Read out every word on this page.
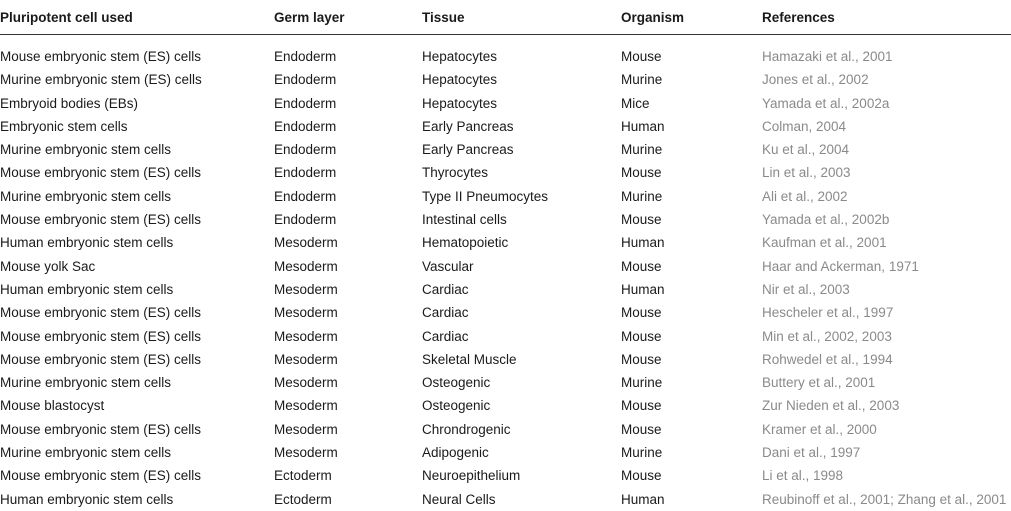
Pluripotent cell used	Germ layer	Tissue	Organism	References

Mouse embryonic stem (ES) cells	Endoderm	Hepatocytes	Mouse	Hamazaki et al., 2001
Murine embryonic stem (ES) cells	Endoderm	Hepatocytes	Murine	Jones et al., 2002
Embryoid bodies (EBs)	Endoderm	Hepatocytes	Mice	Yamada et al., 2002a
Embryonic stem cells	Endoderm	Early Pancreas	Human	Colman, 2004
Murine embryonic stem cells	Endoderm	Early Pancreas	Murine	Ku et al., 2004
Mouse embryonic stem (ES) cells	Endoderm	Thyrocytes	Mouse	Lin et al., 2003
Murine embryonic stem cells	Endoderm	Type II Pneumocytes	Murine	Ali et al., 2002
Mouse embryonic stem (ES) cells	Endoderm	Intestinal cells	Mouse	Yamada et al., 2002b
Human embryonic stem cells	Mesoderm	Hematopoietic	Human	Kaufman et al., 2001
Mouse yolk Sac	Mesoderm	Vascular	Mouse	Haar and Ackerman, 1971
Human embryonic stem cells	Mesoderm	Cardiac	Human	Nir et al., 2003
Mouse embryonic stem (ES) cells	Mesoderm	Cardiac	Mouse	Hescheler et al., 1997
Mouse embryonic stem (ES) cells	Mesoderm	Cardiac	Mouse	Min et al., 2002, 2003
Mouse embryonic stem (ES) cells	Mesoderm	Skeletal Muscle	Mouse	Rohwedel et al., 1994
Murine embryonic stem cells	Mesoderm	Osteogenic	Murine	Buttery et al., 2001
Mouse blastocyst	Mesoderm	Osteogenic	Mouse	Zur Nieden et al., 2003
Mouse embryonic stem (ES) cells	Mesoderm	Chrondrogenic	Mouse	Kramer et al., 2000
Murine embryonic stem cells	Mesoderm	Adipogenic	Murine	Dani et al., 1997
Mouse embryonic stem (ES) cells	Ectoderm	Neuroepithelium	Mouse	Li et al., 1998
Human embryonic stem cells	Ectoderm	Neural Cells	Human	Reubinoff et al., 2001; Zhang et al., 2001
